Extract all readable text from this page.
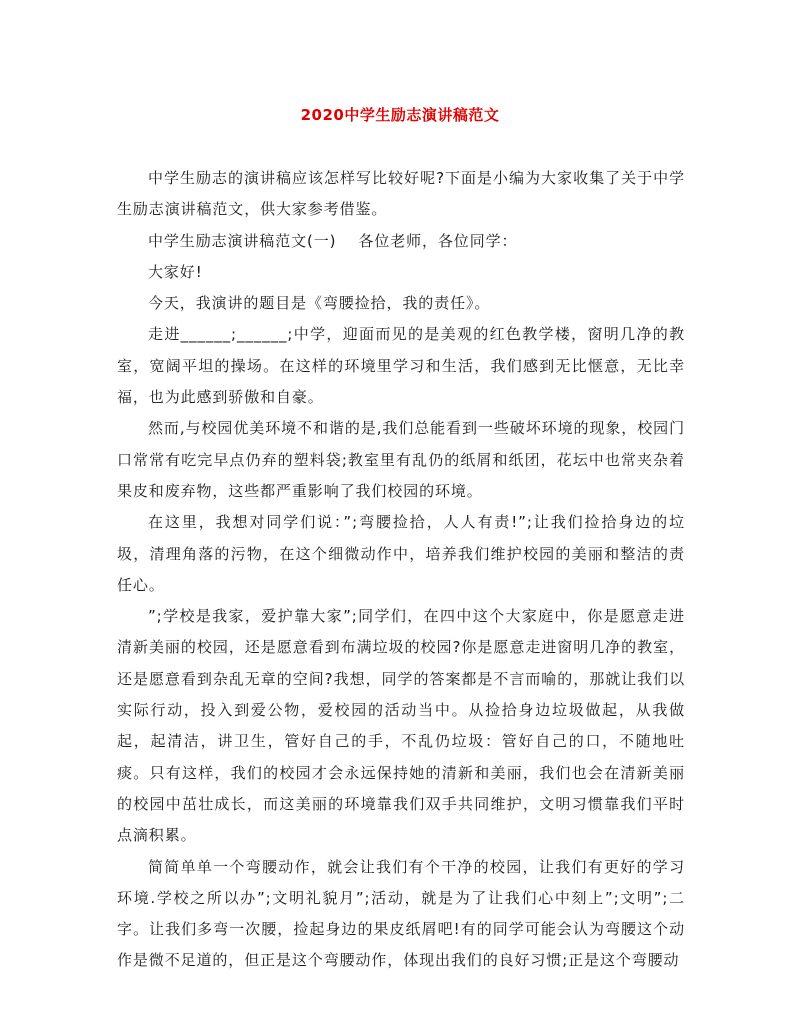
2020中学生励志演讲稿范文

中学生励志的演讲稿应该怎样写比较好呢?下面是小编为大家收集了关于中学生励志演讲稿范文，供大家参考借鉴。

中学生励志演讲稿范文(一) 各位老师，各位同学：

大家好!

今天，我演讲的题目是《弯腰捡拾，我的责任》。

走进______;______;中学，迎面而见的是美观的红色教学楼，窗明几净的教室，宽阔平坦的操场。在这样的环境里学习和生活，我们感到无比惬意，无比幸福，也为此感到骄傲和自豪。

然而,与校园优美环境不和谐的是,我们总能看到一些破坏环境的现象，校园门口常常有吃完早点仍弃的塑料袋;教室里有乱仍的纸屑和纸团，花坛中也常夹杂着果皮和废弃物，这些都严重影响了我们校园的环境。

在这里，我想对同学们说：”;弯腰捡拾，人人有责!”;让我们捡拾身边的垃圾，清理角落的污物，在这个细微动作中，培养我们维护校园的美丽和整洁的责任心。

”;学校是我家，爱护靠大家”;同学们，在四中这个大家庭中，你是愿意走进清新美丽的校园，还是愿意看到布满垃圾的校园?你是愿意走进窗明几净的教室，还是愿意看到杂乱无章的空间?我想，同学的答案都是不言而喻的，那就让我们以实际行动，投入到爱公物，爱校园的活动当中。从捡拾身边垃圾做起，从我做起，起清洁，讲卫生，管好自己的手，不乱仍垃圾：管好自己的口，不随地吐痰。只有这样，我们的校园才会永远保持她的清新和美丽，我们也会在清新美丽的校园中茁壮成长，而这美丽的环境靠我们双手共同维护，文明习惯靠我们平时点滴积累。

简简单单一个弯腰动作，就会让我们有个干净的校园，让我们有更好的学习环境.学校之所以办”;文明礼貌月”;活动，就是为了让我们心中刻上”;文明”;二字。让我们多弯一次腰，捡起身边的果皮纸屑吧!有的同学可能会认为弯腰这个动作是微不足道的，但正是这个弯腰动作，体现出我们的良好习惯;正是这个弯腰动
